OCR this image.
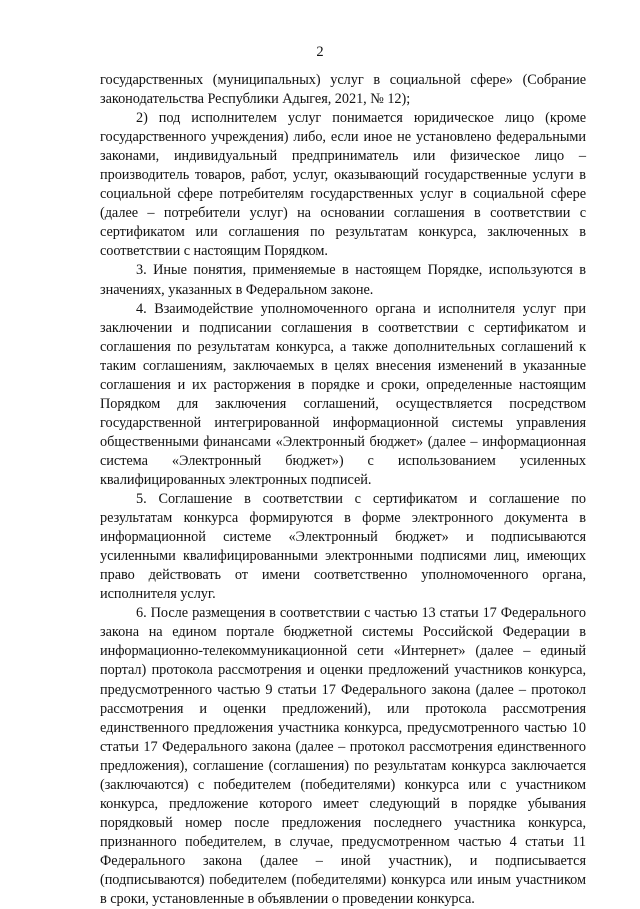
2

государственных (муниципальных) услуг в социальной сфере» (Собрание законодательства Республики Адыгея, 2021, № 12);

2) под исполнителем услуг понимается юридическое лицо (кроме государственного учреждения) либо, если иное не установлено федеральными законами, индивидуальный предприниматель или физическое лицо – производитель товаров, работ, услуг, оказывающий государственные услуги в социальной сфере потребителям государственных услуг в социальной сфере (далее – потребители услуг) на основании соглашения в соответствии с сертификатом или соглашения по результатам конкурса, заключенных в соответствии с настоящим Порядком.

3. Иные понятия, применяемые в настоящем Порядке, используются в значениях, указанных в Федеральном законе.

4. Взаимодействие уполномоченного органа и исполнителя услуг при заключении и подписании соглашения в соответствии с сертификатом и соглашения по результатам конкурса, а также дополнительных соглашений к таким соглашениям, заключаемых в целях внесения изменений в указанные соглашения и их расторжения в порядке и сроки, определенные настоящим Порядком для заключения соглашений, осуществляется посредством государственной интегрированной информационной системы управления общественными финансами «Электронный бюджет» (далее – информационная система «Электронный бюджет») с использованием усиленных квалифицированных электронных подписей.

5. Соглашение в соответствии с сертификатом и соглашение по результатам конкурса формируются в форме электронного документа в информационной системе «Электронный бюджет» и подписываются усиленными квалифицированными электронными подписями лиц, имеющих право действовать от имени соответственно уполномоченного органа, исполнителя услуг.

6. После размещения в соответствии с частью 13 статьи 17 Федерального закона на едином портале бюджетной системы Российской Федерации в информационно-телекоммуникационной сети «Интернет» (далее – единый портал) протокола рассмотрения и оценки предложений участников конкурса, предусмотренного частью 9 статьи 17 Федерального закона (далее – протокол рассмотрения и оценки предложений), или протокола рассмотрения единственного предложения участника конкурса, предусмотренного частью 10 статьи 17 Федерального закона (далее – протокол рассмотрения единственного предложения), соглашение (соглашения) по результатам конкурса заключается (заключаются) с победителем (победителями) конкурса или с участником конкурса, предложение которого имеет следующий в порядке убывания порядковый номер после предложения последнего участника конкурса, признанного победителем, в случае, предусмотренном частью 4 статьи 11 Федерального закона (далее – иной участник), и подписывается (подписываются) победителем (победителями) конкурса или иным участником в сроки, установленные в объявлении о проведении конкурса.
